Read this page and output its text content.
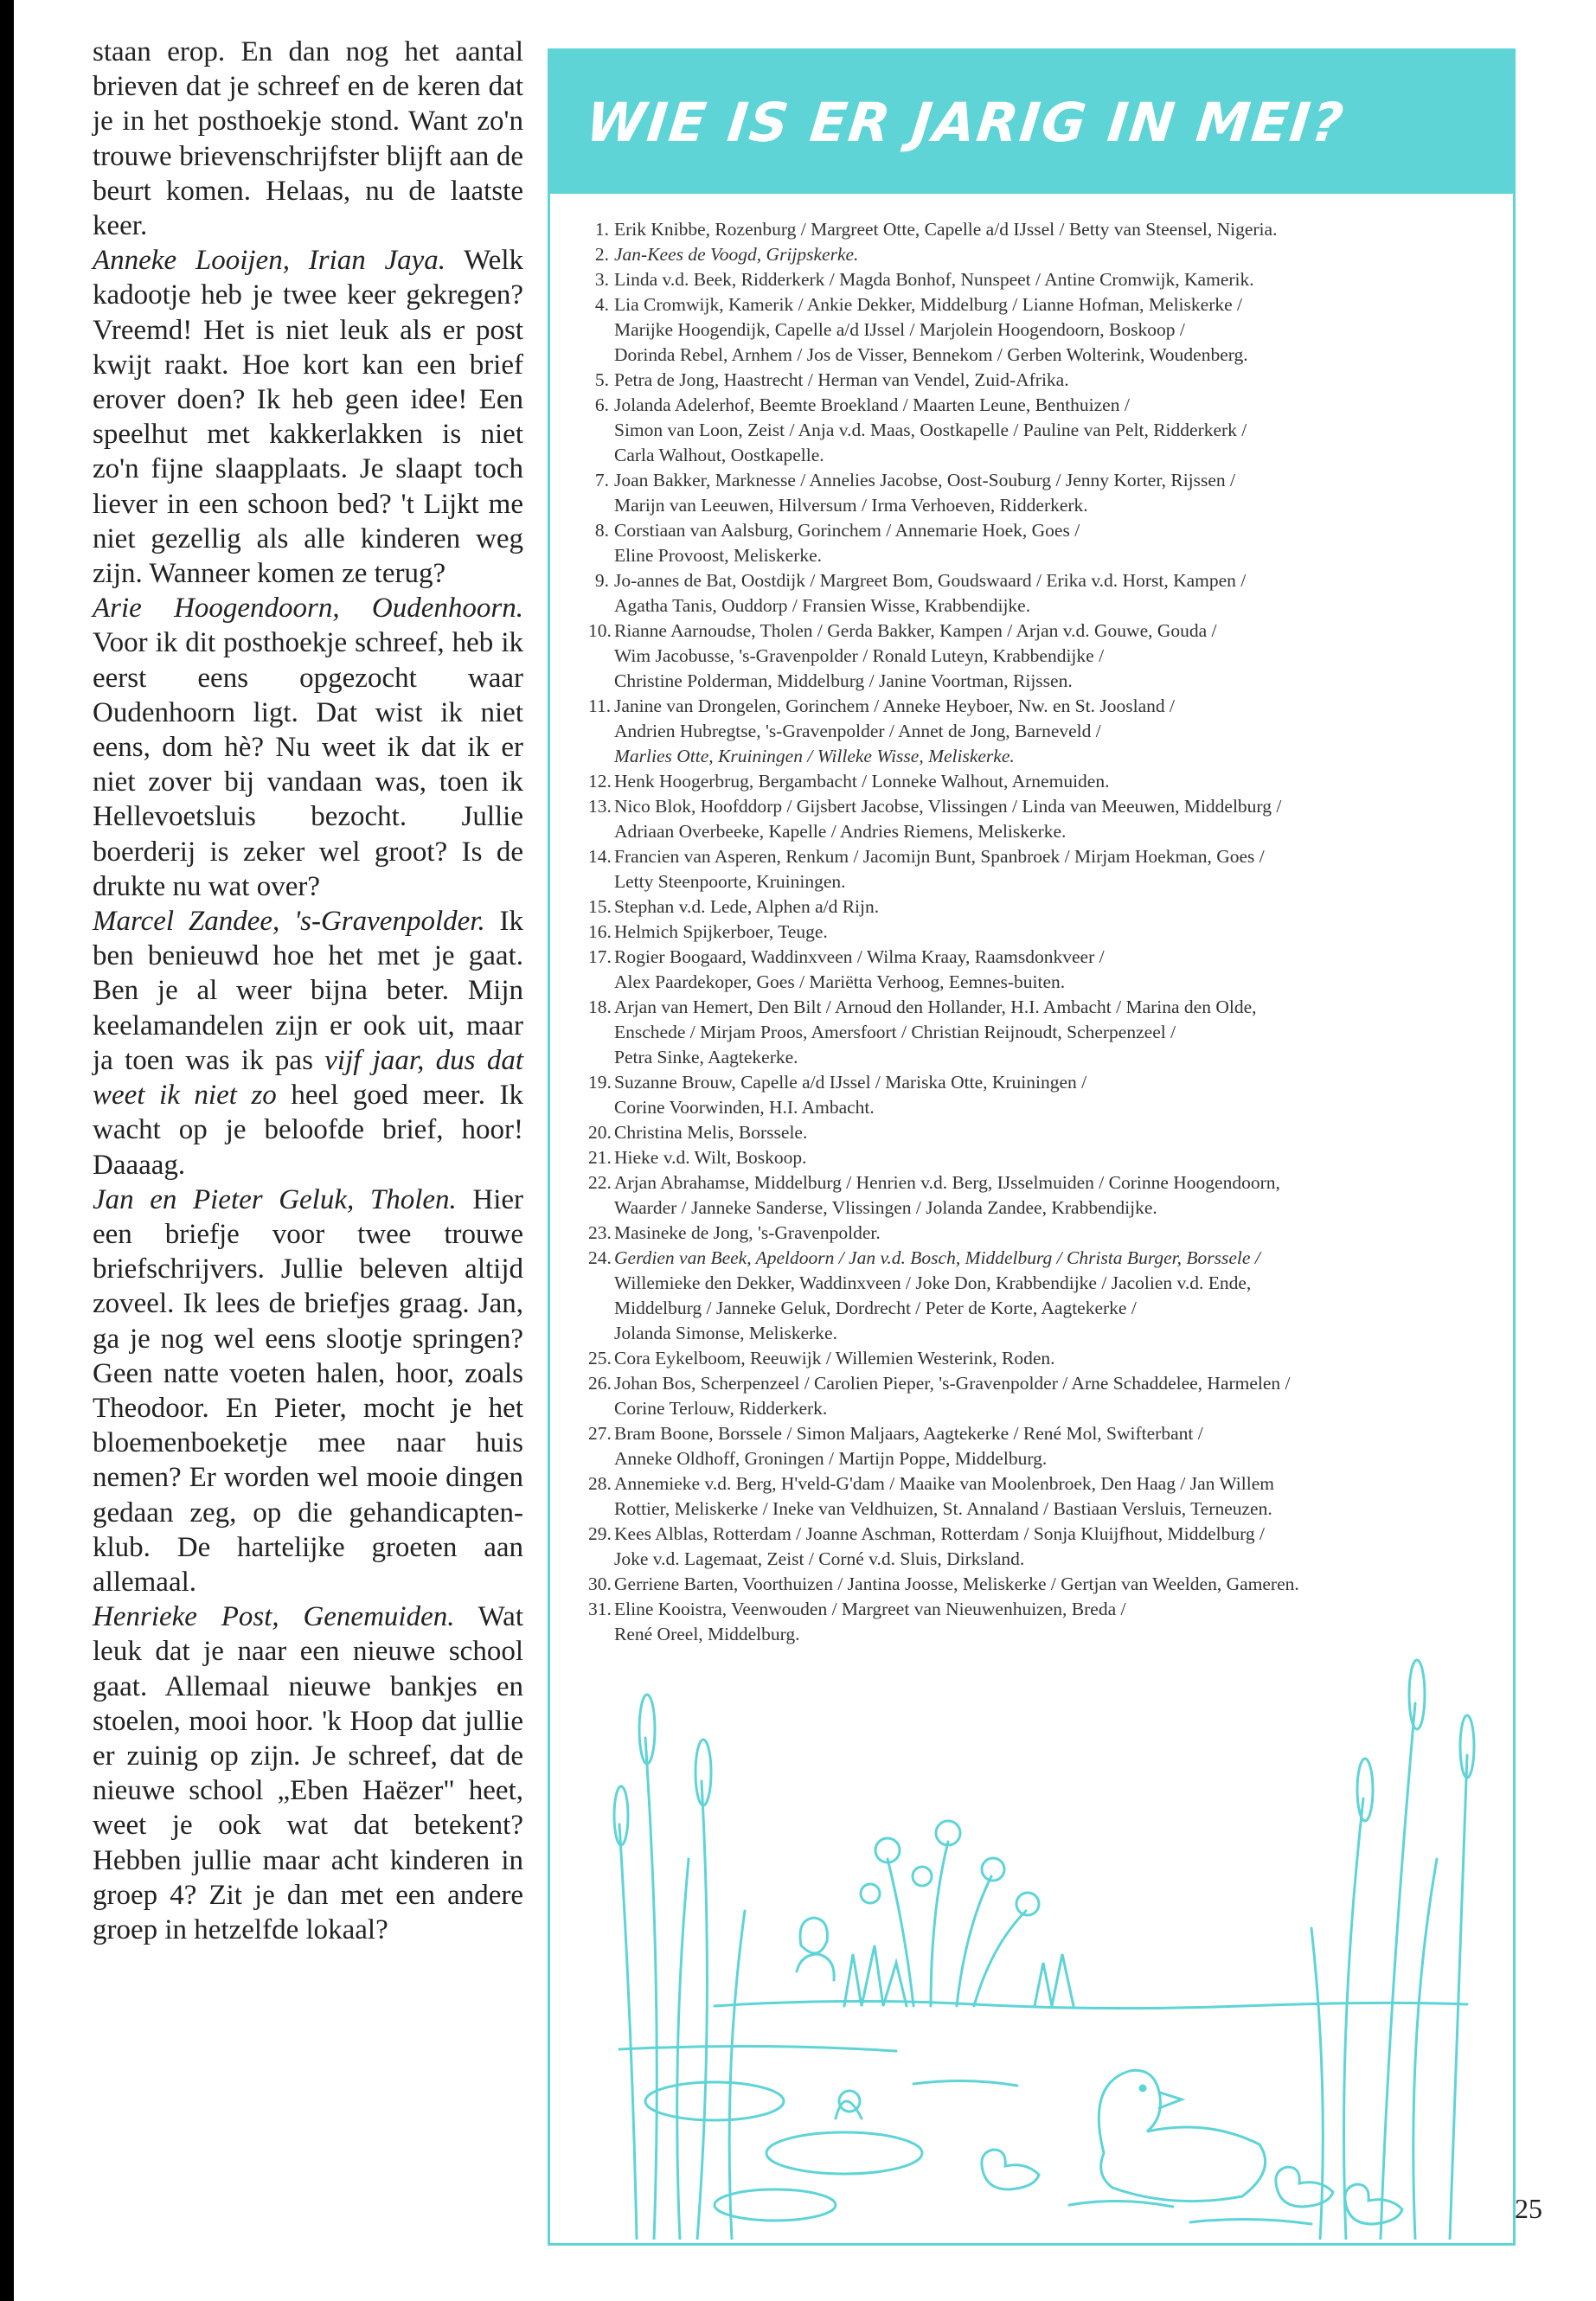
staan erop. En dan nog het aantal brieven dat je schreef en de keren dat je in het posthoekje stond. Want zo'n trouwe brievenschrijfster blijft aan de beurt komen. Helaas, nu de laatste keer.

Anneke Looijen, Irian Jaya. Welk kadootje heb je twee keer gekregen? Vreemd! Het is niet leuk als er post kwijt raakt. Hoe kort kan een brief erover doen? Ik heb geen idee! Een speelhut met kakkerlakken is niet zo'n fijne slaapplaats. Je slaapt toch liever in een schoon bed? 't Lijkt me niet gezellig als alle kinderen weg zijn. Wanneer komen ze terug?

Arie Hoogendoorn, Oudenhoorn. Voor ik dit posthoekje schreef, heb ik eerst eens opgezocht waar Oudenhoorn ligt. Dat wist ik niet eens, dom hè? Nu weet ik dat ik er niet zover bij vandaan was, toen ik Hellevoetsluis bezocht. Jullie boerderij is zeker wel groot? Is de drukte nu wat over?

Marcel Zandee, 's-Gravenpolder. Ik ben benieuwd hoe het met je gaat. Ben je al weer bijna beter. Mijn keelamandelen zijn er ook uit, maar ja toen was ik pas vijf jaar, dus dat weet ik niet zo heel goed meer. Ik wacht op je beloofde brief, hoor! Daaaag.

Jan en Pieter Geluk, Tholen. Hier een briefje voor twee trouwe briefschrijvers. Jullie beleven altijd zoveel. Ik lees de briefjes graag. Jan, ga je nog wel eens slootje springen? Geen natte voeten halen, hoor, zoals Theodoor. En Pieter, mocht je het bloemenboeketje mee naar huis nemen? Er worden wel mooie dingen gedaan zeg, op die gehandicapten-klub. De hartelijke groeten aan allemaal.

Henrieke Post, Genemuiden. Wat leuk dat je naar een nieuwe school gaat. Allemaal nieuwe bankjes en stoelen, mooi hoor. 'k Hoop dat jullie er zuinig op zijn. Je schreef, dat de nieuwe school „Eben Haëzer" heet, weet je ook wat dat betekent? Hebben jullie maar acht kinderen in groep 4? Zit je dan met een andere groep in hetzelfde lokaal?

WIE IS ER JARIG IN MEI?
1. Erik Knibbe, Rozenburg / Margreet Otte, Capelle a/d IJssel / Betty van Steensel, Nigeria.
2. Jan-Kees de Voogd, Grijpskerke.
3. Linda v.d. Beek, Ridderkerk / Magda Bonhof, Nunspeet / Antine Cromwijk, Kamerik.
4. Lia Cromwijk, Kamerik / Ankie Dekker, Middelburg / Lianne Hofman, Meliskerke /
Marijke Hoogendijk, Capelle a/d IJssel / Marjolein Hoogendoorn, Boskoop /
Dorinda Rebel, Arnhem / Jos de Visser, Bennekom / Gerben Wolterink, Woudenberg.
5. Petra de Jong, Haastrecht / Herman van Vendel, Zuid-Afrika.
6. Jolanda Adelerhof, Beemte Broekland / Maarten Leune, Benthuizen /
Simon van Loon, Zeist / Anja v.d. Maas, Oostkapelle / Pauline van Pelt, Ridderkerk /
Carla Walhout, Oostkapelle.
7. Joan Bakker, Marknesse / Annelies Jacobse, Oost-Souburg / Jenny Korter, Rijssen /
Marijn van Leeuwen, Hilversum / Irma Verhoeven, Ridderkerk.
8. Corstiaan van Aalsburg, Gorinchem / Annemarie Hoek, Goes /
Eline Provoost, Meliskerke.
9. Jo-annes de Bat, Oostdijk / Margreet Bom, Goudswaard / Erika v.d. Horst, Kampen /
Agatha Tanis, Ouddorp / Fransien Wisse, Krabbendijke.
10. Rianne Aarnoudse, Tholen / Gerda Bakker, Kampen / Arjan v.d. Gouwe, Gouda /
Wim Jacobusse, 's-Gravenpolder / Ronald Luteyn, Krabbendijke /
Christine Polderman, Middelburg / Janine Voortman, Rijssen.
11. Janine van Drongelen, Gorinchem / Anneke Heyboer, Nw. en St. Joosland /
Andrien Hubregtse, 's-Gravenpolder / Annet de Jong, Barneveld /
Marlies Otte, Kruiningen / Willeke Wisse, Meliskerke.
12. Henk Hoogerbrug, Bergambacht / Lonneke Walhout, Arnemuiden.
13. Nico Blok, Hoofddorp / Gijsbert Jacobse, Vlissingen / Linda van Meeuwen, Middelburg /
Adriaan Overbeeke, Kapelle / Andries Riemens, Meliskerke.
14. Francien van Asperen, Renkum / Jacomijn Bunt, Spanbroek / Mirjam Hoekman, Goes /
Letty Steenpoorte, Kruiningen.
15. Stephan v.d. Lede, Alphen a/d Rijn.
16. Helmich Spijkerboer, Teuge.
17. Rogier Boogaard, Waddinxveen / Wilma Kraay, Raamsdonkveer /
Alex Paardekoper, Goes / Mariëtta Verhoog, Eemnes-buiten.
18. Arjan van Hemert, Den Bilt / Arnoud den Hollander, H.I. Ambacht / Marina den Olde,
Enschede / Mirjam Proos, Amersfoort / Christian Reijnoudt, Scherpenzeel /
Petra Sinke, Aagtekerke.
19. Suzanne Brouw, Capelle a/d IJssel / Mariska Otte, Kruiningen /
Corine Voorwinden, H.I. Ambacht.
20. Christina Melis, Borssele.
21. Hieke v.d. Wilt, Boskoop.
22. Arjan Abrahamse, Middelburg / Henrien v.d. Berg, IJsselmuiden / Corinne Hoogendoorn,
Waarder / Janneke Sanderse, Vlissingen / Jolanda Zandee, Krabbendijke.
23. Masineke de Jong, 's-Gravenpolder.
24. Gerdien van Beek, Apeldoorn / Jan v.d. Bosch, Middelburg / Christa Burger, Borssele /
Willemieke den Dekker, Waddinxveen / Joke Don, Krabbendijke / Jacolien v.d. Ende,
Middelburg / Janneke Geluk, Dordrecht / Peter de Korte, Aagtekerke /
Jolanda Simonse, Meliskerke.
25. Cora Eykelboom, Reeuwijk / Willemien Westerink, Roden.
26. Johan Bos, Scherpenzeel / Carolien Pieper, 's-Gravenpolder / Arne Schaddelee, Harmelen /
Corine Terlouw, Ridderkerk.
27. Bram Boone, Borssele / Simon Maljaars, Aagtekerke / René Mol, Swifterbant /
Anneke Oldhoff, Groningen / Martijn Poppe, Middelburg.
28. Annemieke v.d. Berg, H'veld-G'dam / Maaike van Moolenbroek, Den Haag / Jan Willem
Rottier, Meliskerke / Ineke van Veldhuizen, St. Annaland / Bastiaan Versluis, Terneuzen.
29. Kees Alblas, Rotterdam / Joanne Aschman, Rotterdam / Sonja Kluijfhout, Middelburg /
Joke v.d. Lagemaat, Zeist / Corné v.d. Sluis, Dirksland.
30. Gerriene Barten, Voorthuizen / Jantina Joosse, Meliskerke / Gertjan van Weelden, Gameren.
31. Eline Kooistra, Veenwouden / Margreet van Nieuwenhuizen, Breda /
René Oreel, Middelburg.
25
